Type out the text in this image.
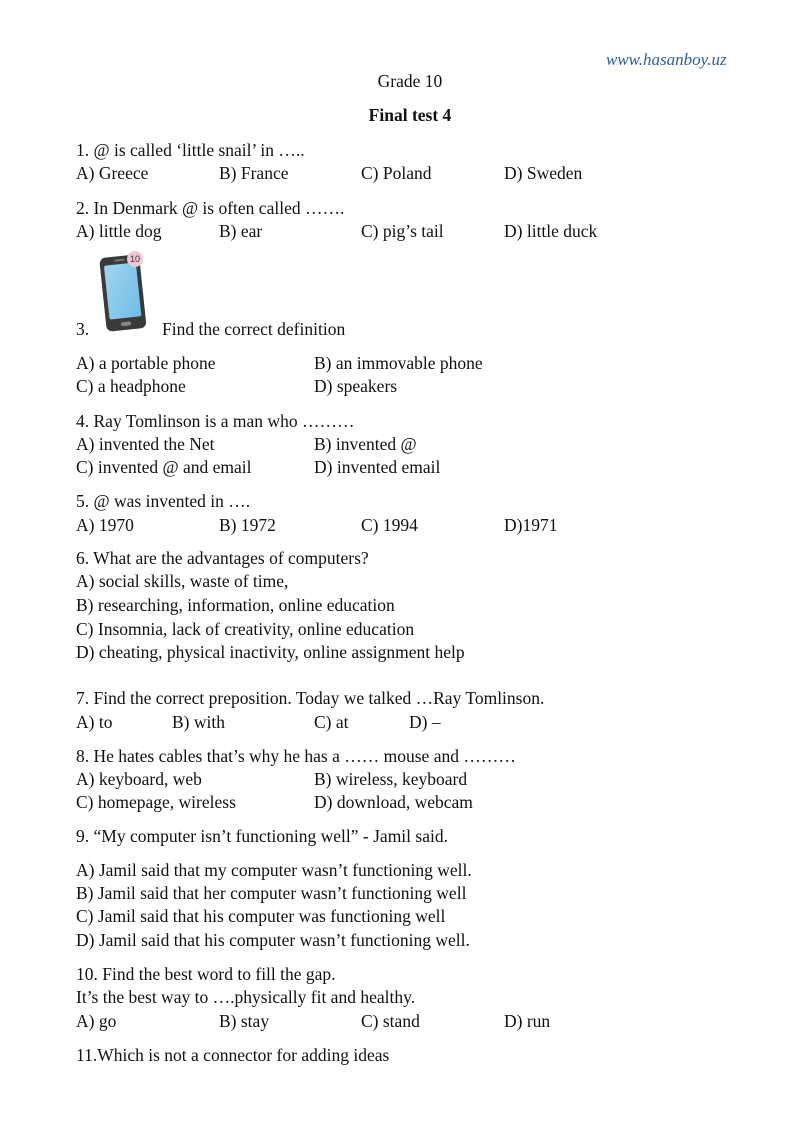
www.hasanboy.uz
Grade 10
Final test 4
1. @ is called ‘little snail’ in …..
A) Greece	B) France	C) Poland	D) Sweden
2. In Denmark @ is often called …….
A) little dog	B) ear	C) pig’s tail	D) little duck
10
3.	Find the correct definition
A) a portable phone	B) an immovable phone
C) a headphone	D) speakers
4. Ray Tomlinson is a man who ………
A) invented the Net	B) invented @
C) invented @ and email	D) invented email
5. @ was invented in ….
A) 1970	B) 1972	C) 1994	D)1971
6. What are the advantages of computers?
A) social skills, waste of time,
B) researching, information, online education
C) Insomnia, lack of creativity, online education
D) cheating, physical inactivity, online assignment help
7. Find the correct preposition. Today we talked …Ray Tomlinson.
A) to	B) with	C) at	D) –
8. He hates cables that’s why he has a …… mouse and ………
A) keyboard, web	B) wireless, keyboard
C) homepage, wireless	D) download, webcam
9. “My computer isn’t functioning well” - Jamil said.
A) Jamil said that my computer wasn’t functioning well.
B) Jamil said that her computer wasn’t functioning well
C) Jamil said that his computer was functioning well
D) Jamil said that his computer wasn’t functioning well.
10. Find the best word to fill the gap.
It’s the best way to ….physically fit and healthy.
A) go	B) stay	C) stand	D) run
11.Which is not a connector for adding ideas
